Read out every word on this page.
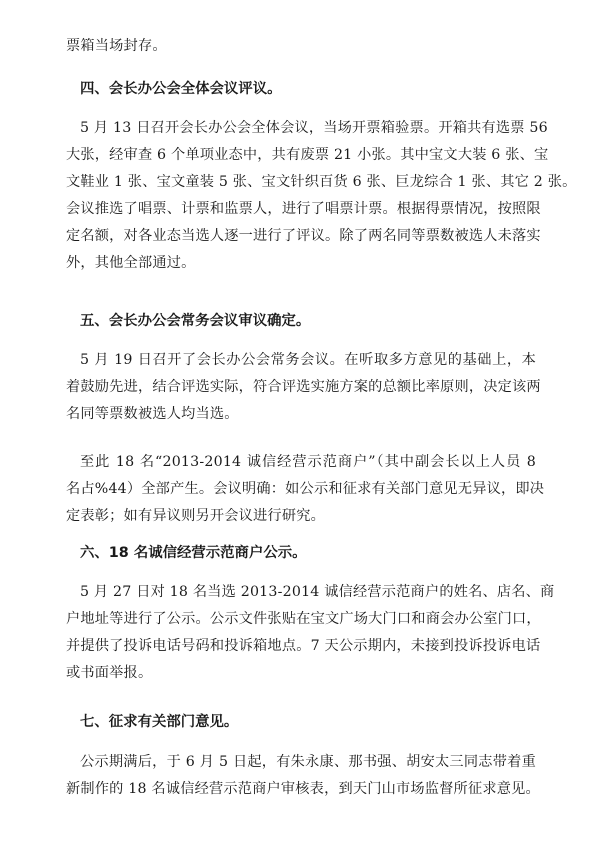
票箱当场封存。
四、会长办公会全体会议评议。
5 月 13 日召开会长办公会全体会议，当场开票箱验票。开箱共有选票 56
大张，经审查 6 个单项业态中，共有废票 21 小张。其中宝文大装 6 张、宝
文鞋业 1 张、宝文童装 5 张、宝文针织百货 6 张、巨龙综合 1 张、其它 2 张。
会议推选了唱票、计票和监票人，进行了唱票计票。根据得票情况，按照限
定名额，对各业态当选人逐一进行了评议。除了两名同等票数被选人未落实
外，其他全部通过。
五、会长办公会常务会议审议确定。
5 月 19 日召开了会长办公会常务会议。在听取多方意见的基础上，本
着鼓励先进，结合评选实际，符合评选实施方案的总额比率原则，决定该两
名同等票数被选人均当选。
至此 18 名“2013-2014 诚信经营示范商户”（其中副会长以上人员 8
名占%44）全部产生。会议明确：如公示和征求有关部门意见无异议，即决
定表彰；如有异议则另开会议进行研究。
六、18 名诚信经营示范商户公示。
5 月 27 日对 18 名当选 2013-2014 诚信经营示范商户的姓名、店名、商
户地址等进行了公示。公示文件张贴在宝文广场大门口和商会办公室门口，
并提供了投诉电话号码和投诉箱地点。7 天公示期内，未接到投诉投诉电话
或书面举报。
七、征求有关部门意见。
公示期满后，于 6 月 5 日起，有朱永康、那书强、胡安太三同志带着重
新制作的 18 名诚信经营示范商户审核表，到天门山市场监督所征求意见。
